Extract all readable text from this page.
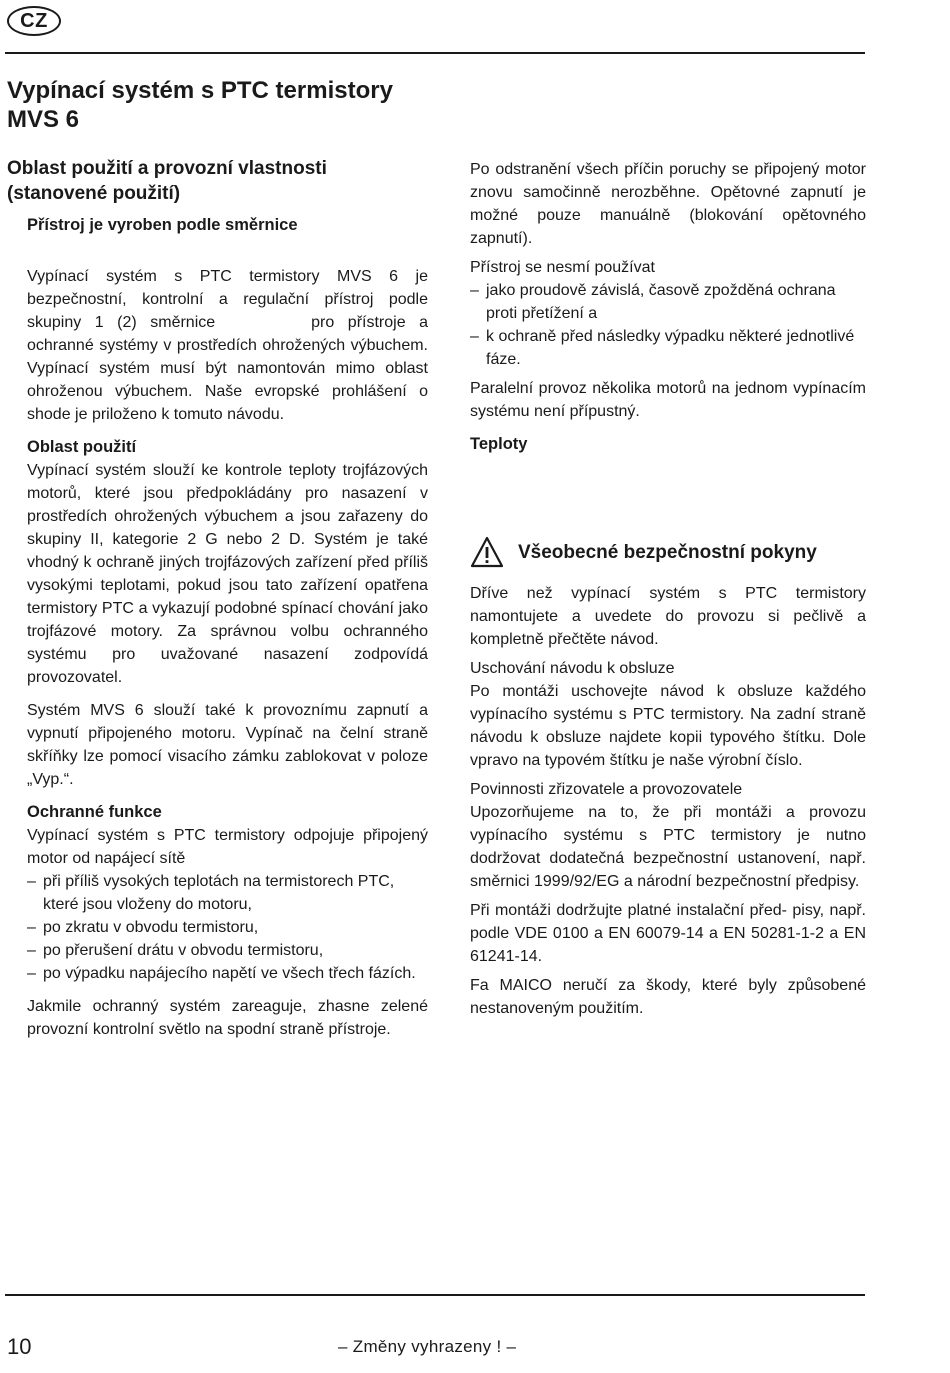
CZ
Vypínací systém s PTC termistory MVS 6
Oblast použití a provozní vlastnosti (stanovené použití)
Přístroj je vyroben podle směrnice

Vypínací systém s PTC termistory MVS 6 je bezpečnostní, kontrolní a regulační přístroj podle skupiny 1 (2) směrnice	pro přístroje a ochranné systémy v prostředích ohrožených výbuchem. Vypínací systém musí být namontován mimo oblast ohroženou výbuchem. Naše evropské prohlášení o shode je priloženo k tomuto návodu.

Oblast použití

Vypínací systém slouží ke kontrole teploty trojfázových motorů, které jsou předpokládány pro nasazení v prostředích ohrožených výbuchem a jsou zařazeny do skupiny II, kategorie 2 G nebo 2 D. Systém je také vhodný k ochraně jiných trojfázových zařízení před příliš vysokými teplotami, pokud jsou tato zařízení opatřena termistory PTC a vykazují podobné spínací chování jako trojfázové motory. Za správnou volbu ochranného systému pro uvažované nasazení zodpovídá provozovatel.

Systém MVS 6 slouží také k provoznímu zapnutí a vypnutí připojeného motoru. Vypínač na čelní straně skříňky lze pomocí visacího zámku zablokovat v poloze „Vyp.“.

Ochranné funkce

Vypínací systém s PTC termistory odpojuje připojený motor od napájecí sítě

– při příliš vysokých teplotách na termistorech PTC, které jsou vloženy do motoru,
– po zkratu v obvodu termistoru,
– po přerušení drátu v obvodu termistoru,
– po výpadku napájecího napětí ve všech třech fázích.

Jakmile ochranný systém zareaguje, zhasne zelené provozní kontrolní světlo na spodní straně přístroje.

Po odstranění všech příčin poruchy se připojený motor znovu samočinně nerozběhne. Opětovné zapnutí je možné pouze manuálně (blokování opětovného zapnutí).

Přístroj se nesmí používat

– jako proudově závislá, časově zpožděná ochrana proti přetížení a
– k ochraně před následky výpadku některé jednotlivé fáze.

Paralelní provoz několika motorů na jednom vypínacím systému není přípustný.

Teploty
Všeobecné bezpečnostní pokyny

Dříve než vypínací systém s PTC termistory namontujete a uvedete do provozu si pečlivě a kompletně přečtěte návod.

Uschování návodu k obsluze

Po montáži uschovejte návod k obsluze každého vypínacího systému s PTC termistory. Na zadní straně návodu k obsluze najdete kopii typového štítku. Dole vpravo na typovém štítku je naše výrobní číslo.

Povinnosti zřizovatele a provozovatele

Upozorňujeme na to, že při montáži a provozu vypínacího systému s PTC termistory je nutno dodržovat dodatečná bezpečnostní ustanovení, např. směrnici 1999/92/EG a národní bezpečnostní předpisy.

Při montáži dodržujte platné instalační před- pisy, např. podle VDE 0100 a EN 60079-14 a EN 50281-1-2 a EN 61241-14.

Fa MAICO neručí za škody, které byly způsobené nestanoveným použitím.

10	– Změny vyhrazeny ! –
